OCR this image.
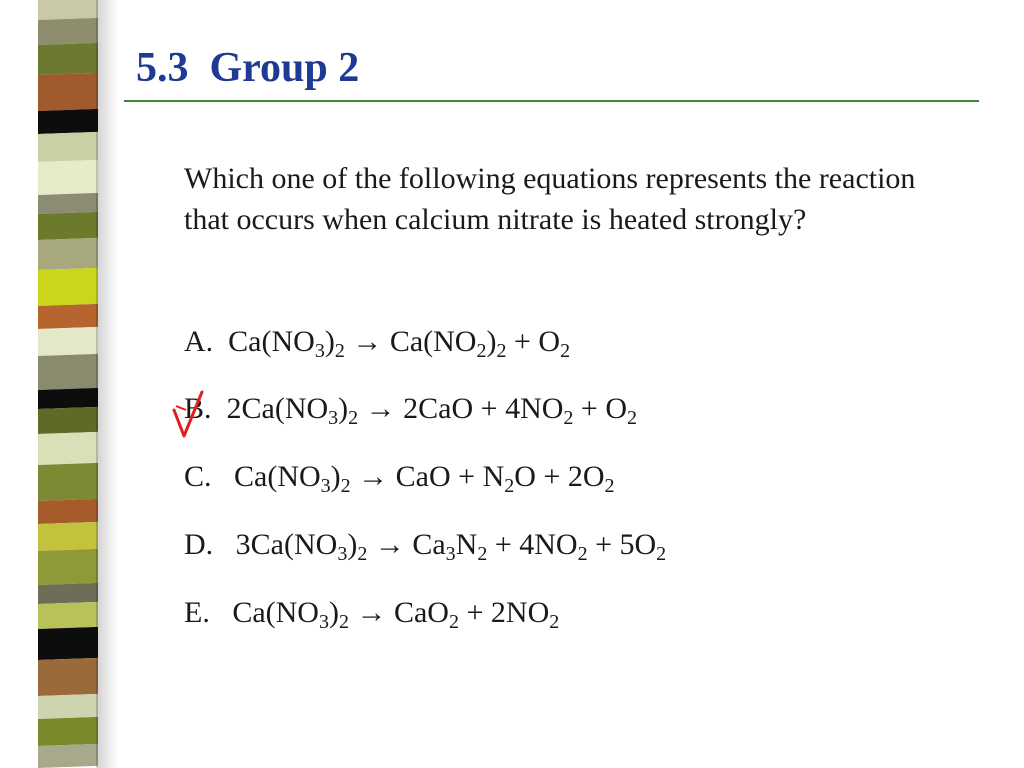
5.3  Group 2
Which one of the following equations represents the reaction that occurs when calcium nitrate is heated strongly?
A.  $Ca(NO_3)_2 \to Ca(NO_2)_2 + O_2$
B.  $2Ca(NO_3)_2 \to 2CaO + 4NO_2 + O_2$
C.   $Ca(NO_3)_2$ → CaO + $N_2O + 2O_2$
D.   $3Ca(NO_3)_2 \to Ca_3N_2 + 4NO_2 + 5O_2$
E.   $Ca(NO_3)_2 \to CaO_2 + 2NO_2$
